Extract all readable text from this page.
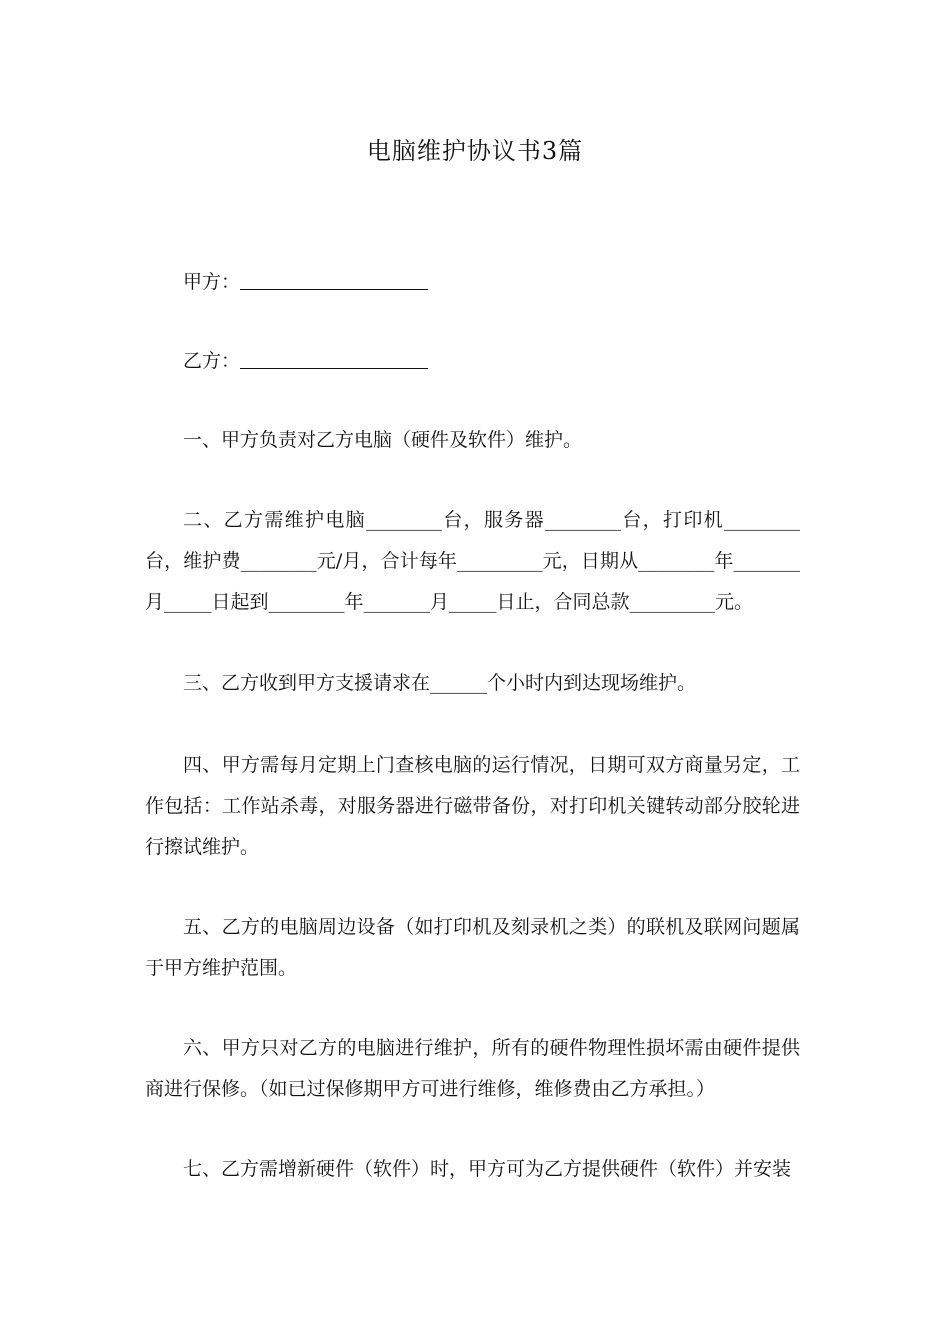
电脑维护协议书3篇
甲方：
乙方：

一、甲方负责对乙方电脑（硬件及软件）维护。

二、乙方需维护电脑________台，服务器________台，打印机________台，维护费________元/月，合计每年_________元，日期从________年_______月_____日起到________年_______月_____日止，合同总款_________元。

三、乙方收到甲方支援请求在______个小时内到达现场维护。

四、甲方需每月定期上门查核电脑的运行情况，日期可双方商量另定，工作包括：工作站杀毒，对服务器进行磁带备份，对打印机关键转动部分胶轮进行擦试维护。

五、乙方的电脑周边设备（如打印机及刻录机之类）的联机及联网问题属于甲方维护范围。

六、甲方只对乙方的电脑进行维护，所有的硬件物理性损坏需由硬件提供商进行保修。（如已过保修期甲方可进行维修，维修费由乙方承担。）

七、乙方需增新硬件（软件）时，甲方可为乙方提供硬件（软件）并安装
